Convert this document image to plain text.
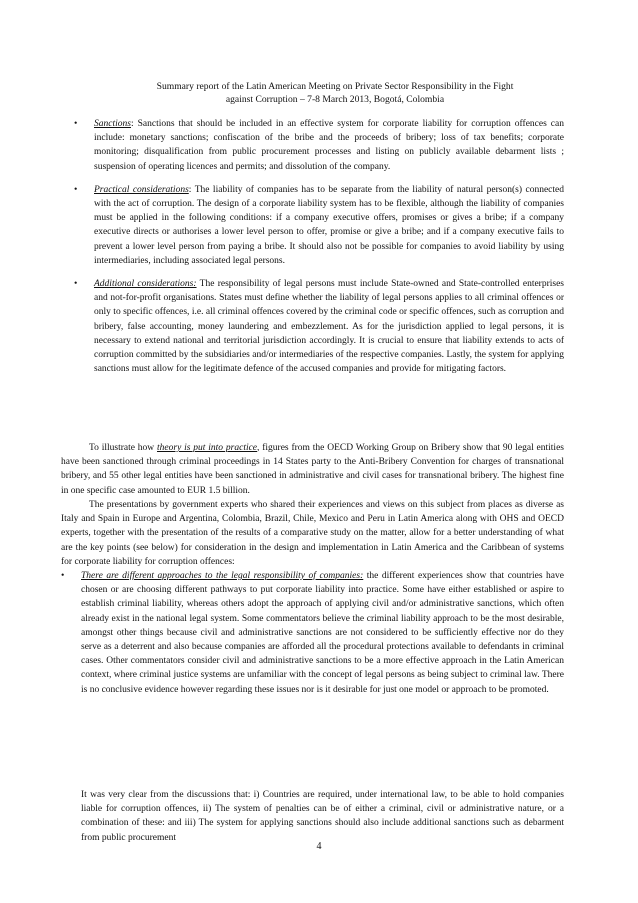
Summary report of the Latin American Meeting on Private Sector Responsibility in the Fight
against Corruption – 7-8 March 2013, Bogotá, Colombia
•	Sanctions: Sanctions that should be included in an effective system for corporate liability for corruption offences can include: monetary sanctions; confiscation of the bribe and the proceeds of bribery; loss of tax benefits; corporate monitoring; disqualification from public procurement processes and listing on publicly available debarment lists ; suspension of operating licences and permits; and dissolution of the company.
•	Practical considerations: The liability of companies has to be separate from the liability of natural person(s) connected with the act of corruption. The design of a corporate liability system has to be flexible, although the liability of companies must be applied in the following conditions: if a company executive offers, promises or gives a bribe; if a company executive directs or authorises a lower level person to offer, promise or give a bribe; and if a company executive fails to prevent a lower level person from paying a bribe. It should also not be possible for companies to avoid liability by using intermediaries, including associated legal persons.
•	Additional considerations: The responsibility of legal persons must include State-owned and State-controlled enterprises and not-for-profit organisations. States must define whether the liability of legal persons applies to all criminal offences or only to specific offences, i.e. all criminal offences covered by the criminal code or specific offences, such as corruption and bribery, false accounting, money laundering and embezzlement. As for the jurisdiction applied to legal persons, it is necessary to extend national and territorial jurisdiction accordingly. It is crucial to ensure that liability extends to acts of corruption committed by the subsidiaries and/or intermediaries of the respective companies. Lastly, the system for applying sanctions must allow for the legitimate defence of the accused companies and provide for mitigating factors.
To illustrate how theory is put into practice, figures from the OECD Working Group on Bribery show that 90 legal entities have been sanctioned through criminal proceedings in 14 States party to the Anti-Bribery Convention for charges of transnational bribery, and 55 other legal entities have been sanctioned in administrative and civil cases for transnational bribery. The highest fine in one specific case amounted to EUR 1.5 billion.
The presentations by government experts who shared their experiences and views on this subject from places as diverse as Italy and Spain in Europe and Argentina, Colombia, Brazil, Chile, Mexico and Peru in Latin America along with OHS and OECD experts, together with the presentation of the results of a comparative study on the matter, allow for a better understanding of what are the key points (see below) for consideration in the design and implementation in Latin America and the Caribbean of systems for corporate liability for corruption offences:
•	There are different approaches to the legal responsibility of companies: the different experiences show that countries have chosen or are choosing different pathways to put corporate liability into practice. Some have either established or aspire to establish criminal liability, whereas others adopt the approach of applying civil and/or administrative sanctions, which often already exist in the national legal system. Some commentators believe the criminal liability approach to be the most desirable, amongst other things because civil and administrative sanctions are not considered to be sufficiently effective nor do they serve as a deterrent and also because companies are afforded all the procedural protections available to defendants in criminal cases. Other commentators consider civil and administrative sanctions to be a more effective approach in the Latin American context, where criminal justice systems are unfamiliar with the concept of legal persons as being subject to criminal law. There is no conclusive evidence however regarding these issues nor is it desirable for just one model or approach to be promoted.
It was very clear from the discussions that: i) Countries are required, under international law, to be able to hold companies liable for corruption offences, ii) The system of penalties can be of either a criminal, civil or administrative nature, or a combination of these: and iii) The system for applying sanctions should also include additional sanctions such as debarment from public procurement
4
